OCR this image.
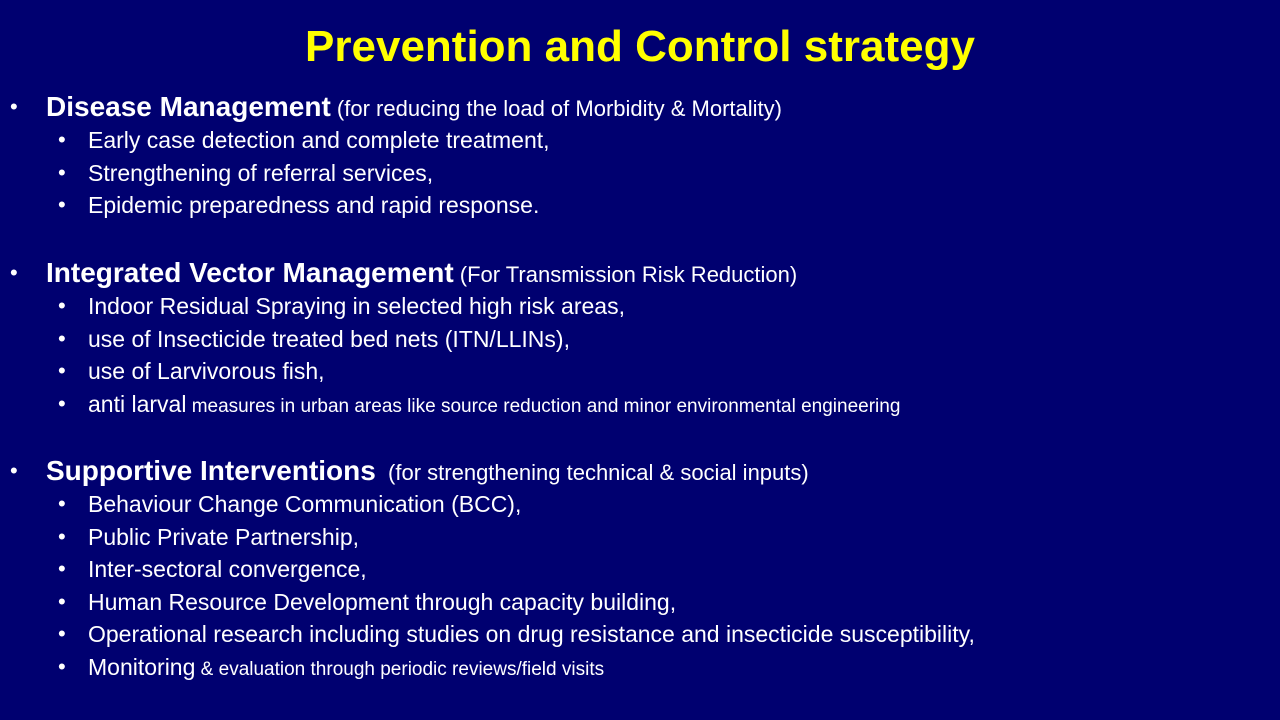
Prevention and Control strategy
• Disease Management (for reducing the load of Morbidity & Mortality)
• Early case detection and complete treatment,
• Strengthening of referral services,
• Epidemic preparedness and rapid response.
• Integrated Vector Management (For Transmission Risk Reduction)
• Indoor Residual Spraying in selected high risk areas,
• use of Insecticide treated bed nets (ITN/LLINs),
• use of Larvivorous fish,
• anti larval measures in urban areas like source reduction and minor environmental engineering
• Supportive Interventions  (for strengthening technical & social inputs)
• Behaviour Change Communication (BCC),
• Public Private Partnership,
• Inter-sectoral convergence,
• Human Resource Development through capacity building,
• Operational research including studies on drug resistance and insecticide susceptibility,
• Monitoring & evaluation through periodic reviews/field visits
